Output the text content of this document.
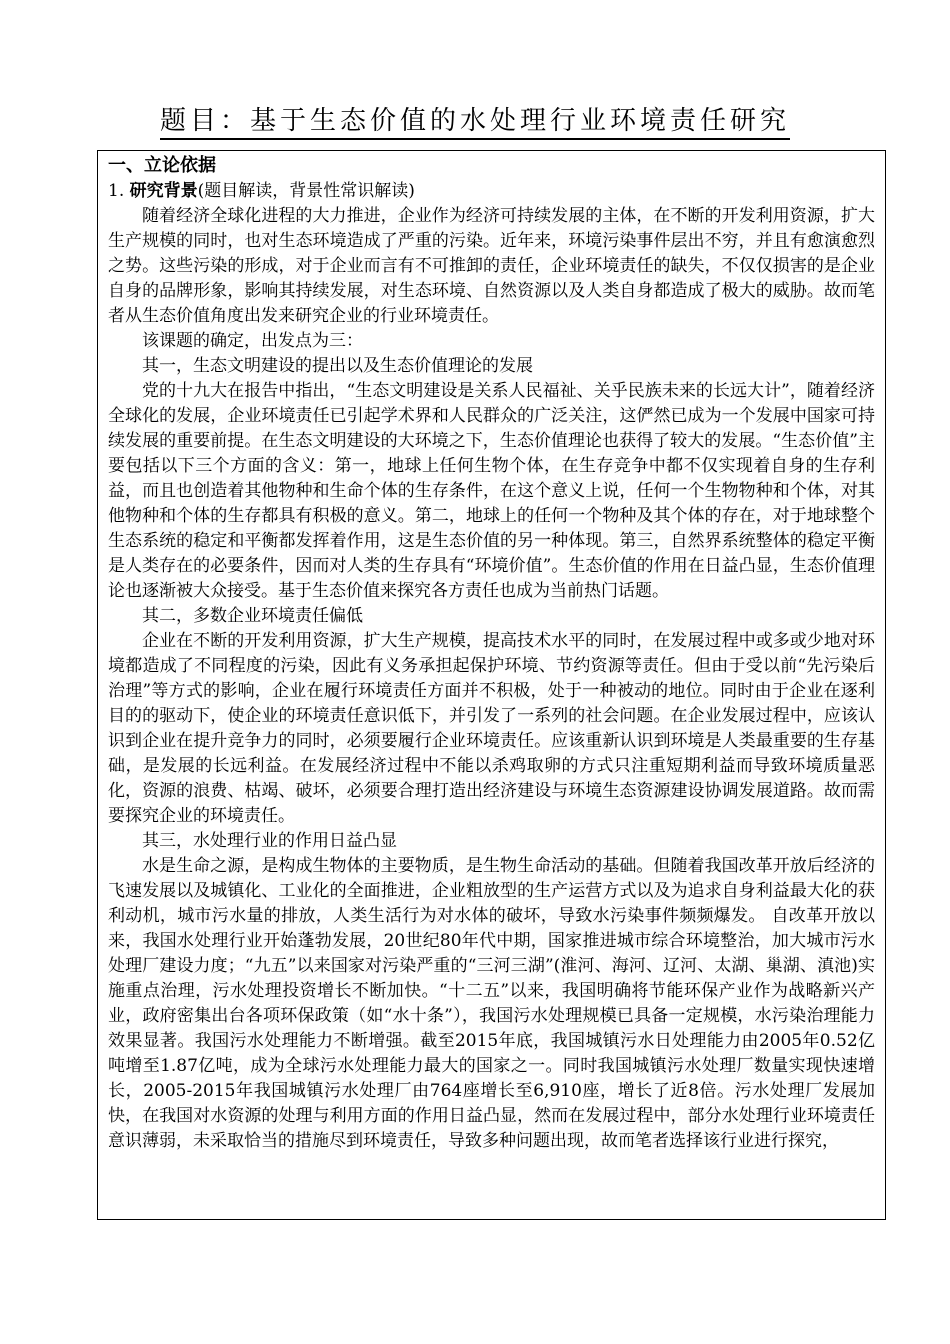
题目：基于生态价值的水处理行业环境责任研究
一、立论依据
1. 研究背景(题目解读，背景性常识解读)

随着经济全球化进程的大力推进，企业作为经济可持续发展的主体，在不断的开发利用资源，扩大生产规模的同时，也对生态环境造成了严重的污染。近年来，环境污染事件层出不穷，并且有愈演愈烈之势。这些污染的形成，对于企业而言有不可推卸的责任，企业环境责任的缺失，不仅仅损害的是企业自身的品牌形象，影响其持续发展，对生态环境、自然资源以及人类自身都造成了极大的威胁。故而笔者从生态价值角度出发来研究企业的行业环境责任。

该课题的确定，出发点为三：

其一，生态文明建设的提出以及生态价值理论的发展

党的十九大在报告中指出，“生态文明建设是关系人民福祉、关乎民族未来的长远大计”，随着经济全球化的发展，企业环境责任已引起学术界和人民群众的广泛关注，这俨然已成为一个发展中国家可持续发展的重要前提。在生态文明建设的大环境之下，生态价值理论也获得了较大的发展。“生态价值”主要包括以下三个方面的含义：第一，地球上任何生物个体，在生存竞争中都不仅实现着自身的生存利益，而且也创造着其他物种和生命个体的生存条件，在这个意义上说，任何一个生物物种和个体，对其他物种和个体的生存都具有积极的意义。第二，地球上的任何一个物种及其个体的存在，对于地球整个生态系统的稳定和平衡都发挥着作用，这是生态价值的另一种体现。第三，自然界系统整体的稳定平衡是人类存在的必要条件，因而对人类的生存具有“环境价值”。生态价值的作用在日益凸显，生态价值理论也逐渐被大众接受。基于生态价值来探究各方责任也成为当前热门话题。

其二，多数企业环境责任偏低

企业在不断的开发利用资源，扩大生产规模，提高技术水平的同时，在发展过程中或多或少地对环境都造成了不同程度的污染，因此有义务承担起保护环境、节约资源等责任。但由于受以前“先污染后治理”等方式的影响，企业在履行环境责任方面并不积极，处于一种被动的地位。同时由于企业在逐利目的的驱动下，使企业的环境责任意识低下，并引发了一系列的社会问题。在企业发展过程中，应该认识到企业在提升竞争力的同时，必须要履行企业环境责任。应该重新认识到环境是人类最重要的生存基础，是发展的长远利益。在发展经济过程中不能以杀鸡取卵的方式只注重短期利益而导致环境质量恶化，资源的浪费、枯竭、破坏，必须要合理打造出经济建设与环境生态资源建设协调发展道路。故而需要探究企业的环境责任。

其三，水处理行业的作用日益凸显

水是生命之源，是构成生物体的主要物质，是生物生命活动的基础。但随着我国改革开放后经济的飞速发展以及城镇化、工业化的全面推进，企业粗放型的生产运营方式以及为追求自身利益最大化的获利动机，城市污水量的排放，人类生活行为对水体的破坏，导致水污染事件频频爆发。 自改革开放以来，我国水处理行业开始蓬勃发展，20世纪80年代中期，国家推进城市综合环境整治，加大城市污水处理厂建设力度；“九五”以来国家对污染严重的“三河三湖”(淮河、海河、辽河、太湖、巢湖、滇池)实施重点治理，污水处理投资增长不断加快。“十二五”以来，我国明确将节能环保产业作为战略新兴产业，政府密集出台各项环保政策（如“水十条”），我国污水处理规模已具备一定规模，水污染治理能力效果显著。我国污水处理能力不断增强。截至2015年底，我国城镇污水日处理能力由2005年0.52亿吨增至1.87亿吨，成为全球污水处理能力最大的国家之一。同时我国城镇污水处理厂数量实现快速增长，2005-2015年我国城镇污水处理厂由764座增长至6,910座，增长了近8倍。污水处理厂发展加快，在我国对水资源的处理与利用方面的作用日益凸显，然而在发展过程中，部分水处理行业环境责任意识薄弱，未采取恰当的措施尽到环境责任，导致多种问题出现，故而笔者选择该行业进行探究，
